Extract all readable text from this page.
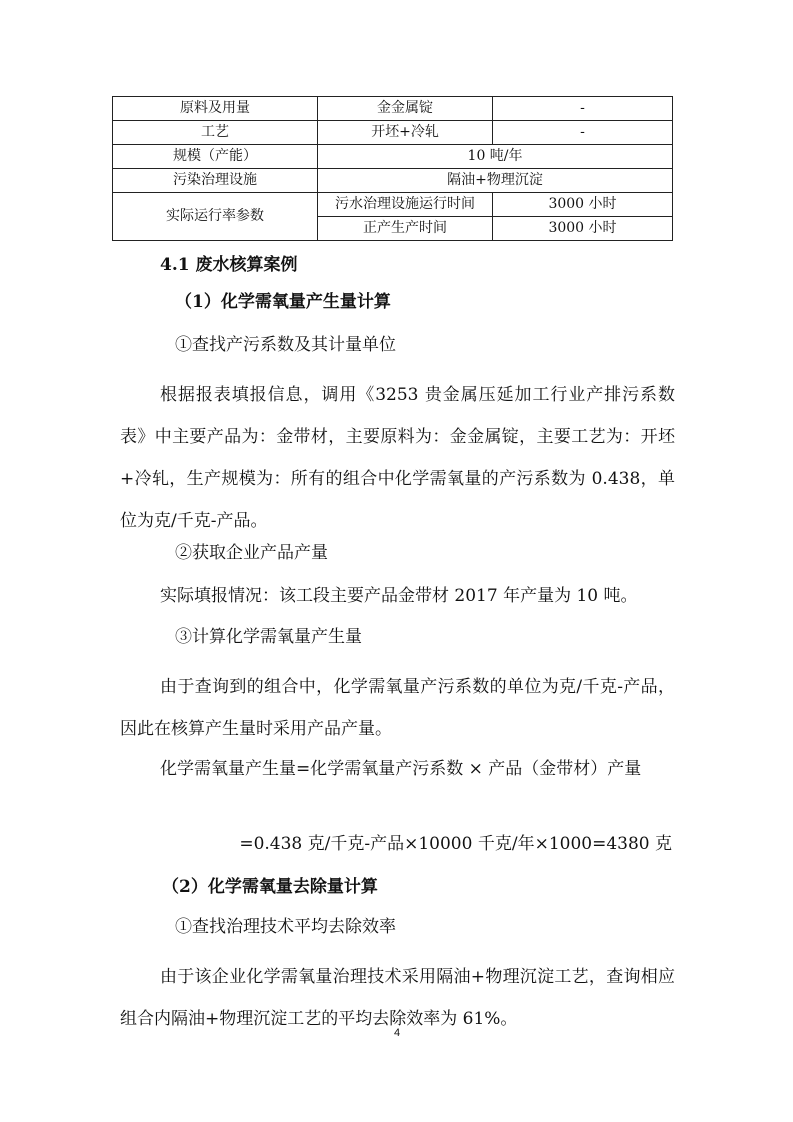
原料及用量	金金属锭	-
工艺	开坯+冷轧	-
规模（产能）	10 吨/年	
污染治理设施	隔油+物理沉淀	
实际运行率参数	污水治理设施运行时间	3000 小时
	正产生产时间	3000 小时

4.1 废水核算案例

（1）化学需氧量产生量计算

①查找产污系数及其计量单位

根据报表填报信息，调用《3253 贵金属压延加工行业产排污系数表》中主要产品为：金带材，主要原料为：金金属锭，主要工艺为：开坯+冷轧，生产规模为：所有的组合中化学需氧量的产污系数为 0.438，单位为克/千克-产品。

②获取企业产品产量

实际填报情况：该工段主要产品金带材 2017 年产量为 10 吨。

③计算化学需氧量产生量

由于查询到的组合中，化学需氧量产污系数的单位为克/千克-产品，因此在核算产生量时采用产品产量。

化学需氧量产生量=化学需氧量产污系数 × 产品（金带材）产量

=0.438 克/千克-产品×10000 千克/年×1000=4380 克

（2）化学需氧量去除量计算

①查找治理技术平均去除效率

由于该企业化学需氧量治理技术采用隔油+物理沉淀工艺，查询相应组合内隔油+物理沉淀工艺的平均去除效率为 61%。

4
